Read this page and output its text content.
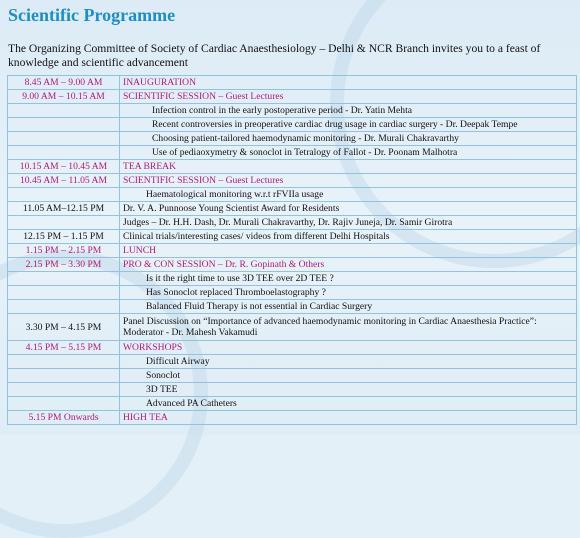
Scientific Programme
The Organizing Committee of Society of Cardiac Anaesthesiology – Delhi & NCR Branch invites you to a feast of knowledge and scientific advancement
8.45 AM – 9.00 AM	INAUGURATION
9.00 AM – 10.15 AM	SCIENTIFIC SESSION – Guest Lectures
	Infection control in the early postoperative period - Dr. Yatin Mehta
	Recent controversies in preoperative cardiac drug usage in cardiac surgery - Dr. Deepak Tempe
	Choosing patient-tailored haemodynamic monitoring - Dr. Murali Chakravarthy
	Use of pediaoxymetry & sonoclot in Tetralogy of Fallot - Dr. Poonam Malhotra
10.15 AM – 10.45 AM	TEA BREAK
10.45 AM – 11.05 AM	SCIENTIFIC SESSION – Guest Lectures
	Haematological monitoring w.r.t rFVIIa usage
11.05 AM–12.15 PM	Dr. V. A. Punnoose Young Scientist Award for Residents
	Judges – Dr. H.H. Dash, Dr. Murali Chakravarthy, Dr. Rajiv Juneja, Dr. Samir Girotra
12.15 PM – 1.15 PM	Clinical trials/interesting cases/ videos from different Delhi Hospitals
1.15 PM – 2.15 PM	LUNCH
2.15 PM – 3.30 PM	PRO & CON SESSION – Dr. R. Gopinath & Others
	Is it the right time to use 3D TEE over 2D TEE ?
	Has Sonoclot replaced Thromboelastography ?
	Balanced Fluid Therapy is not essential in Cardiac Surgery
3.30 PM – 4.15 PM	Panel Discussion on “Importance of advanced haemodynamic monitoring in Cardiac Anaesthesia Practice”: Moderator - Dr. Mahesh Vakamudi
4.15 PM – 5.15 PM	WORKSHOPS
	Difficult Airway
	Sonoclot
	3D TEE
	Advanced PA Catheters
5.15 PM Onwards	HIGH TEA
